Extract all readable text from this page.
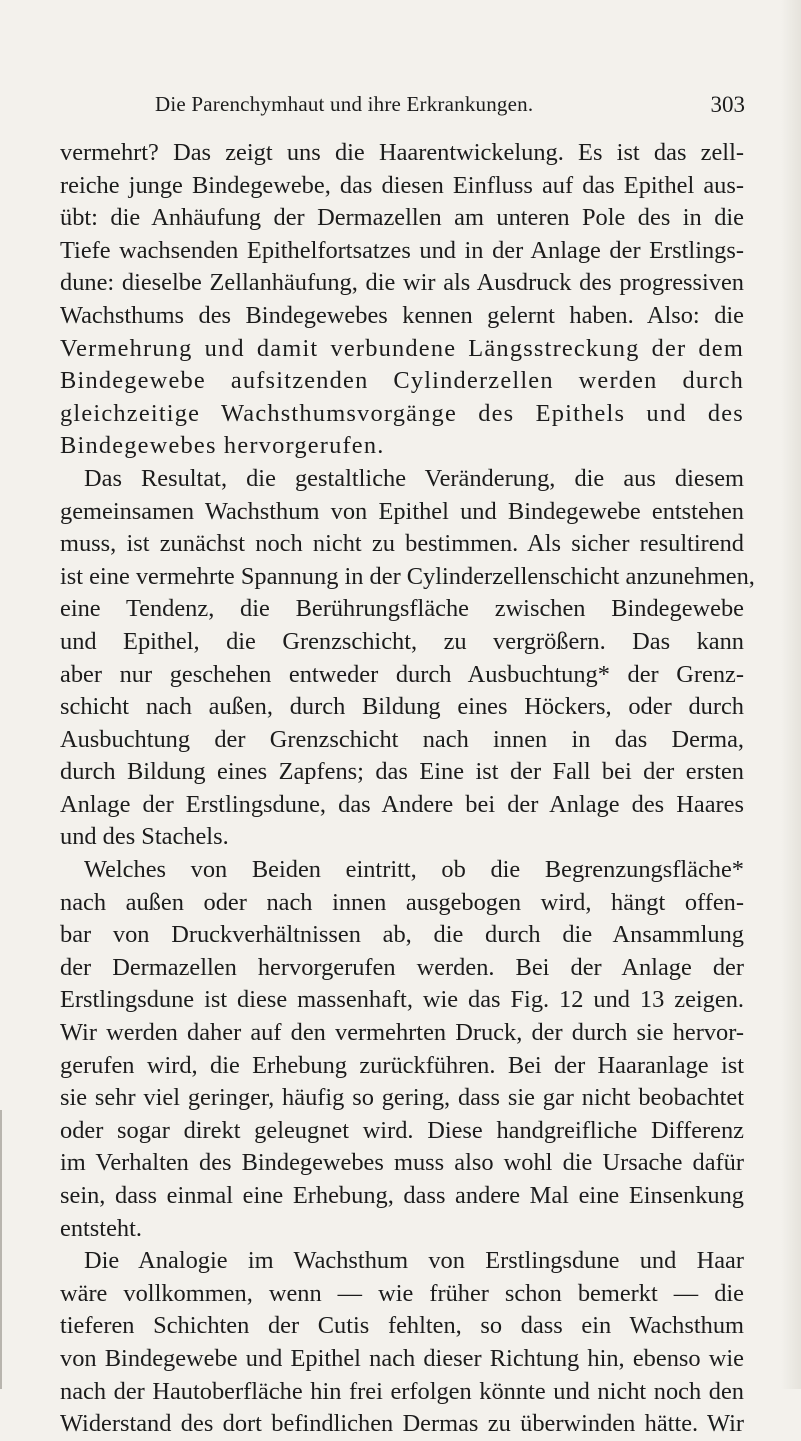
Die Parenchymhaut und ihre Erkrankungen.	303
vermehrt? Das zeigt uns die Haarentwickelung. Es ist das zell-
reiche junge Bindegewebe, das diesen Einfluss auf das Epithel aus-
übt: die Anhäufung der Dermazellen am unteren Pole des in die
Tiefe wachsenden Epithelfortsatzes und in der Anlage der Erstlings-
dune: dieselbe Zellanhäufung, die wir als Ausdruck des progressiven
Wachsthums des Bindegewebes kennen gelernt haben. Also: die
Vermehrung und damit verbundene Längsstreckung der dem
Bindegewebe aufsitzenden Cylinderzellen werden durch
gleichzeitige Wachsthumsvorgänge des Epithels und des
Bindegewebes hervorgerufen.
Das Resultat, die gestaltliche Veränderung, die aus diesem
gemeinsamen Wachsthum von Epithel und Bindegewebe entstehen
muss, ist zunächst noch nicht zu bestimmen. Als sicher resultirend
ist eine vermehrte Spannung in der Cylinderzellenschicht anzunehmen,
eine Tendenz, die Berührungsfläche zwischen Bindegewebe
und Epithel, die Grenzschicht, zu vergrößern. Das kann
aber nur geschehen entweder durch Ausbuchtung* der Grenz-
schicht nach außen, durch Bildung eines Höckers, oder durch
Ausbuchtung der Grenzschicht nach innen in das Derma,
durch Bildung eines Zapfens; das Eine ist der Fall bei der ersten
Anlage der Erstlingsdune, das Andere bei der Anlage des Haares
und des Stachels.
Welches von Beiden eintritt, ob die Begrenzungsfläche*
nach außen oder nach innen ausgebogen wird, hängt offen-
bar von Druckverhältnissen ab, die durch die Ansammlung
der Dermazellen hervorgerufen werden. Bei der Anlage der
Erstlingsdune ist diese massenhaft, wie das Fig. 12 und 13 zeigen.
Wir werden daher auf den vermehrten Druck, der durch sie hervor-
gerufen wird, die Erhebung zurückführen. Bei der Haaranlage ist
sie sehr viel geringer, häufig so gering, dass sie gar nicht beobachtet
oder sogar direkt geleugnet wird. Diese handgreifliche Differenz
im Verhalten des Bindegewebes muss also wohl die Ursache dafür
sein, dass einmal eine Erhebung, dass andere Mal eine Einsenkung
entsteht.
Die Analogie im Wachsthum von Erstlingsdune und Haar
wäre vollkommen, wenn — wie früher schon bemerkt — die
tieferen Schichten der Cutis fehlten, so dass ein Wachsthum
von Bindegewebe und Epithel nach dieser Richtung hin, ebenso wie
nach der Hautoberfläche hin frei erfolgen könnte und nicht noch den
Widerstand des dort befindlichen Dermas zu überwinden hätte. Wir
